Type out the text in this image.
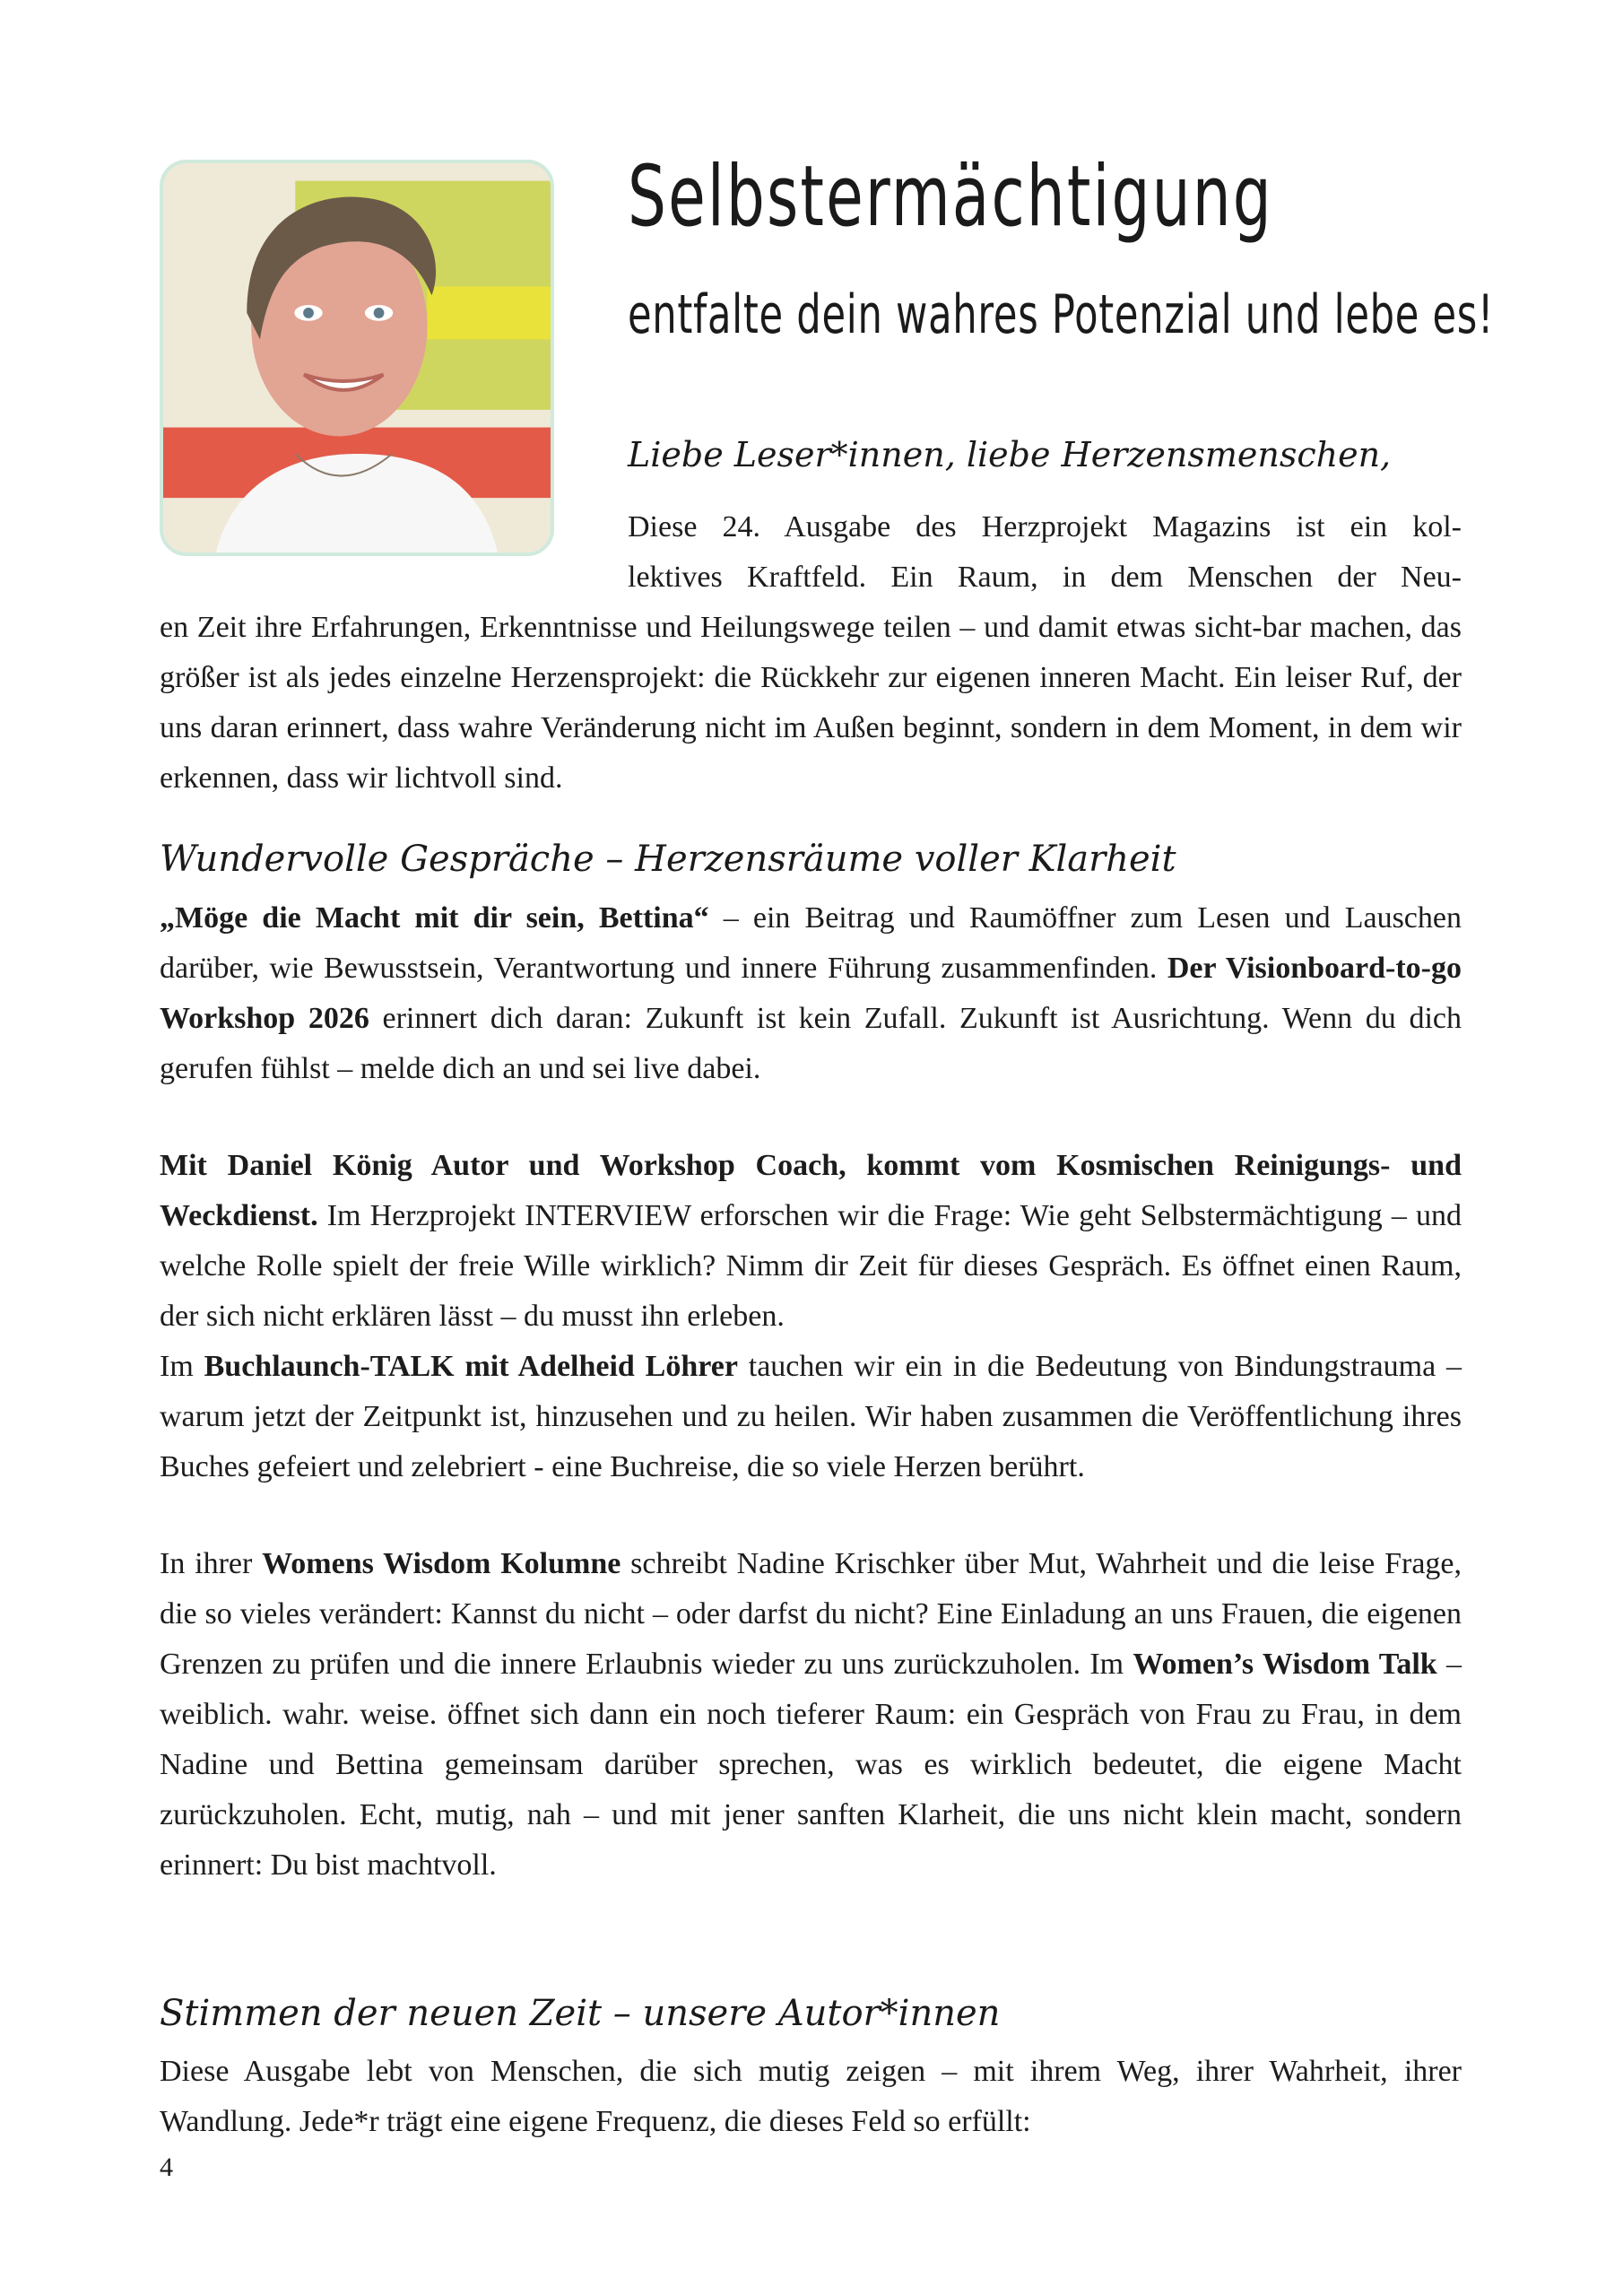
Selbstermächtigung
entfalte dein wahres Potenzial und lebe es!

Liebe Leser*innen, liebe Herzensmenschen,

Diese 24. Ausgabe des Herzprojekt Magazins ist ein kol-

lektives Kraftfeld. Ein Raum, in dem Menschen der Neu-

en Zeit ihre Erfahrungen, Erkenntnisse und Heilungswege teilen – und damit etwas sicht-bar machen, das größer ist als jedes einzelne Herzensprojekt: die Rückkehr zur eigenen inneren Macht. Ein leiser Ruf, der uns daran erinnert, dass wahre Veränderung nicht im Außen beginnt, sondern in dem Moment, in dem wir erkennen, dass wir lichtvoll sind.

Wundervolle Gespräche – Herzensräume voller Klarheit

„Möge die Macht mit dir sein, Bettina“ – ein Beitrag und Raumöffner zum Lesen und Lauschen darüber, wie Bewusstsein, Verantwortung und innere Führung zusammenfinden. Der Visionboard-to-go Workshop 2026 erinnert dich daran: Zukunft ist kein Zufall. Zukunft ist Ausrichtung. Wenn du dich gerufen fühlst – melde dich an und sei live dabei.

Mit Daniel König Autor und Workshop Coach, kommt vom Kosmischen Reinigungs- und Weckdienst. Im Herzprojekt INTERVIEW erforschen wir die Frage: Wie geht Selbstermächtigung – und welche Rolle spielt der freie Wille wirklich? Nimm dir Zeit für dieses Gespräch. Es öffnet einen Raum, der sich nicht erklären lässt – du musst ihn erleben.
Im Buchlaunch-TALK mit Adelheid Löhrer tauchen wir ein in die Bedeutung von Bindungstrauma – warum jetzt der Zeitpunkt ist, hinzusehen und zu heilen. Wir haben zusammen die Veröffentlichung ihres Buches gefeiert und zelebriert - eine Buchreise, die so viele Herzen berührt.

In ihrer Womens Wisdom Kolumne schreibt Nadine Krischker über Mut, Wahrheit und die leise Frage, die so vieles verändert: Kannst du nicht – oder darfst du nicht? Eine Einladung an uns Frauen, die eigenen Grenzen zu prüfen und die innere Erlaubnis wieder zu uns zurückzuholen. Im Women’s Wisdom Talk – weiblich. wahr. weise. öffnet sich dann ein noch tieferer Raum: ein Gespräch von Frau zu Frau, in dem Nadine und Bettina gemeinsam darüber sprechen, was es wirklich bedeutet, die eigene Macht zurückzuholen. Echt, mutig, nah – und mit jener sanften Klarheit, die uns nicht klein macht, sondern erinnert: Du bist machtvoll.

Stimmen der neuen Zeit – unsere Autor*innen

Diese Ausgabe lebt von Menschen, die sich mutig zeigen – mit ihrem Weg, ihrer Wahrheit, ihrer Wandlung. Jede*r trägt eine eigene Frequenz, die dieses Feld so erfüllt:

4
